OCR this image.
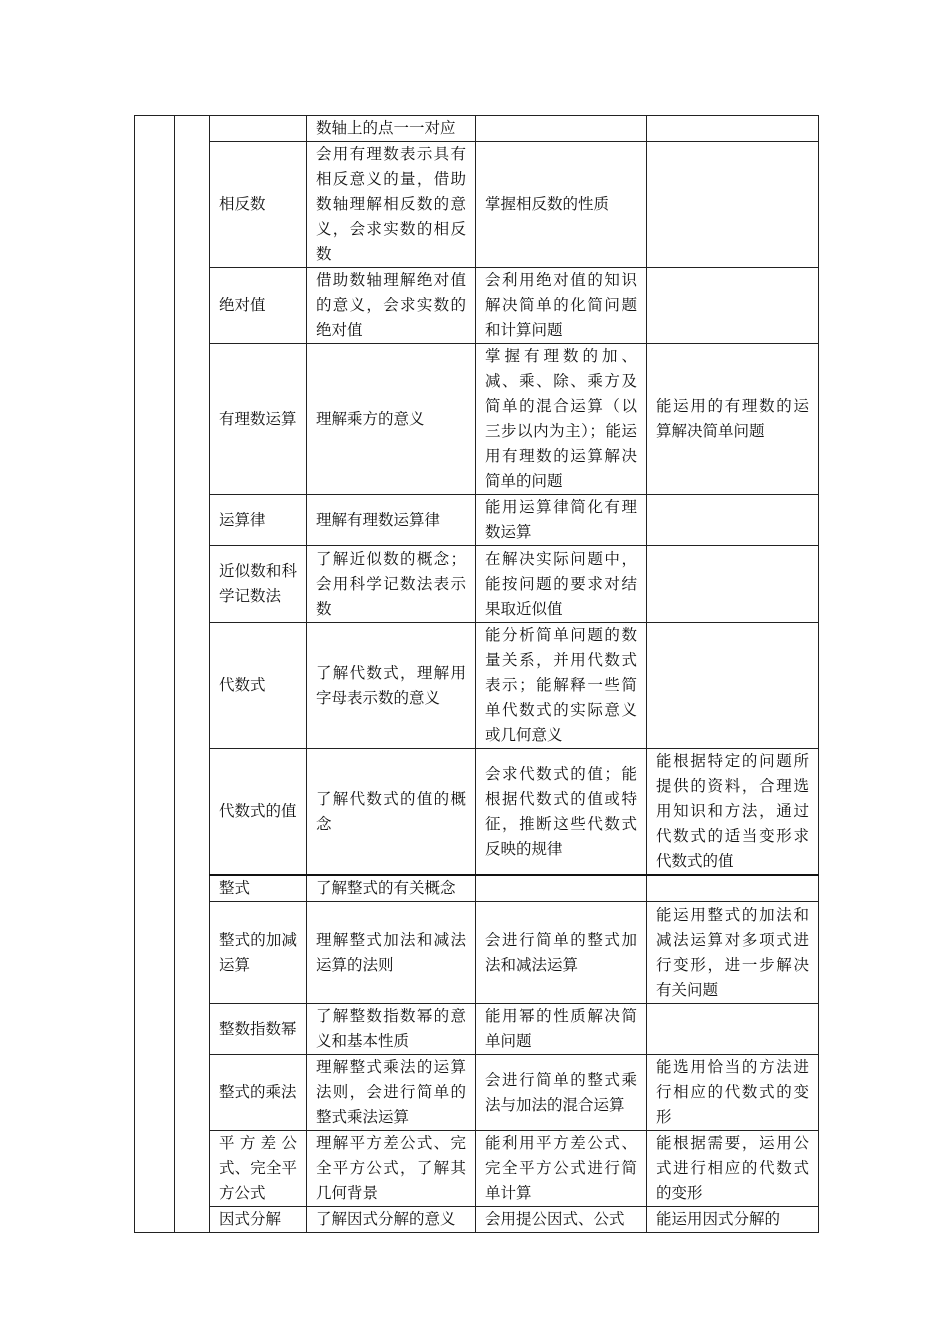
			数轴上的点一一对应		
		相反数	会用有理数表示具有相反意义的量，借助数轴理解相反数的意义，会求实数的相反数	掌握相反数的性质	
		绝对值	借助数轴理解绝对值的意义，会求实数的绝对值	会利用绝对值的知识解决简单的化简问题和计算问题	
		有理数运算	理解乘方的意义	掌握有理数的加、减、乘、除、乘方及简单的混合运算（以三步以内为主）；能运用有理数的运算解决简单的问题	能运用的有理数的运算解决简单问题
		运算律	理解有理数运算律	能用运算律简化有理数运算	
		近似数和科学记数法	了解近似数的概念；会用科学记数法表示数	在解决实际问题中，能按问题的要求对结果取近似值	
		代数式	了解代数式，理解用字母表示数的意义	能分析简单问题的数量关系，并用代数式表示；能解释一些简单代数式的实际意义或几何意义	
		代数式的值	了解代数式的值的概念	会求代数式的值；能根据代数式的值或特征，推断这些代数式反映的规律	能根据特定的问题所提供的资料，合理选用知识和方法，通过代数式的适当变形求代数式的值
		整式	了解整式的有关概念		
		整式的加减运算	理解整式加法和减法运算的法则	会进行简单的整式加法和减法运算	能运用整式的加法和减法运算对多项式进行变形，进一步解决有关问题
		整数指数幂	了解整数指数幂的意义和基本性质	能用幂的性质解决简单问题	
		整式的乘法	理解整式乘法的运算法则，会进行简单的整式乘法运算	会进行简单的整式乘法与加法的混合运算	能选用恰当的方法进行相应的代数式的变形
		平方差公式、完全平方公式	理解平方差公式、完全平方公式，了解其几何背景	能利用平方差公式、完全平方公式进行简单计算	能根据需要，运用公式进行相应的代数式的变形
		因式分解	了解因式分解的意义	会用提公因式、公式	能运用因式分解的
